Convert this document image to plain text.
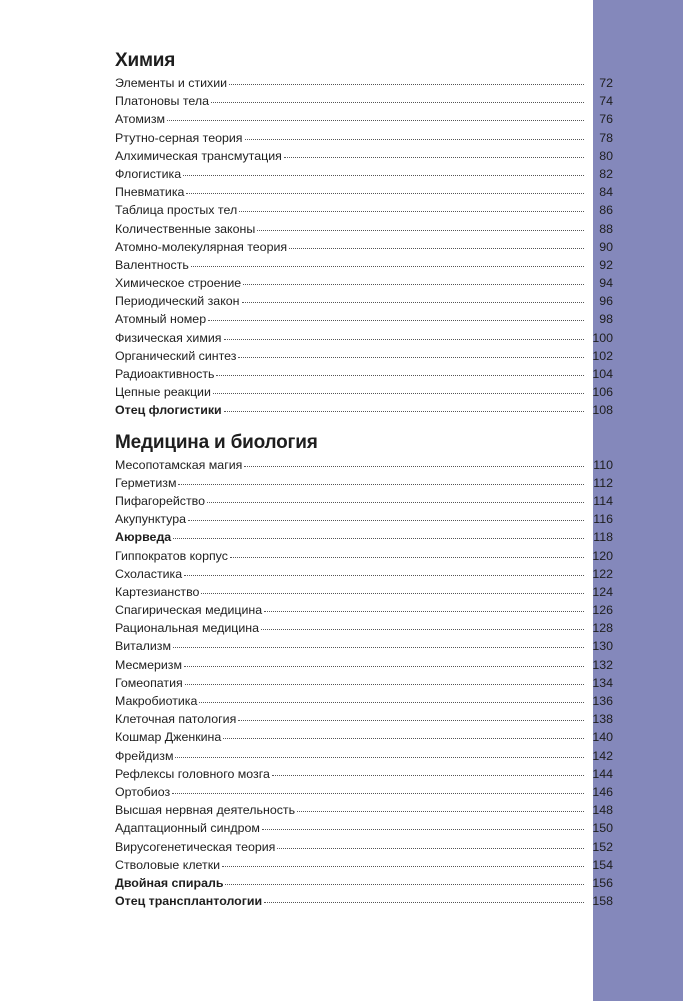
Химия
Элементы и стихии	72
Платоновы тела	74
Атомизм	76
Ртутно-серная теория	78
Алхимическая трансмутация	80
Флогистика	82
Пневматика	84
Таблица простых тел	86
Количественные законы	88
Атомно-молекулярная теория	90
Валентность	92
Химическое строение	94
Периодический закон	96
Атомный номер	98
Физическая химия	100
Органический синтез	102
Радиоактивность	104
Цепные реакции	106
Отец флогистики	108
Медицина и биология
Месопотамская магия	110
Герметизм	112
Пифагорейство	114
Акупунктура	116
Аюрведа	118
Гиппократов корпус	120
Схоластика	122
Картезианство	124
Спагирическая медицина	126
Рациональная медицина	128
Витализм	130
Месмеризм	132
Гомеопатия	134
Макробиотика	136
Клеточная патология	138
Кошмар Дженкина	140
Фрейдизм	142
Рефлексы головного мозга	144
Ортобиоз	146
Высшая нервная деятельность	148
Адаптационный синдром	150
Вирусогенетическая теория	152
Стволовые клетки	154
Двойная спираль	156
Отец трансплантологии	158
